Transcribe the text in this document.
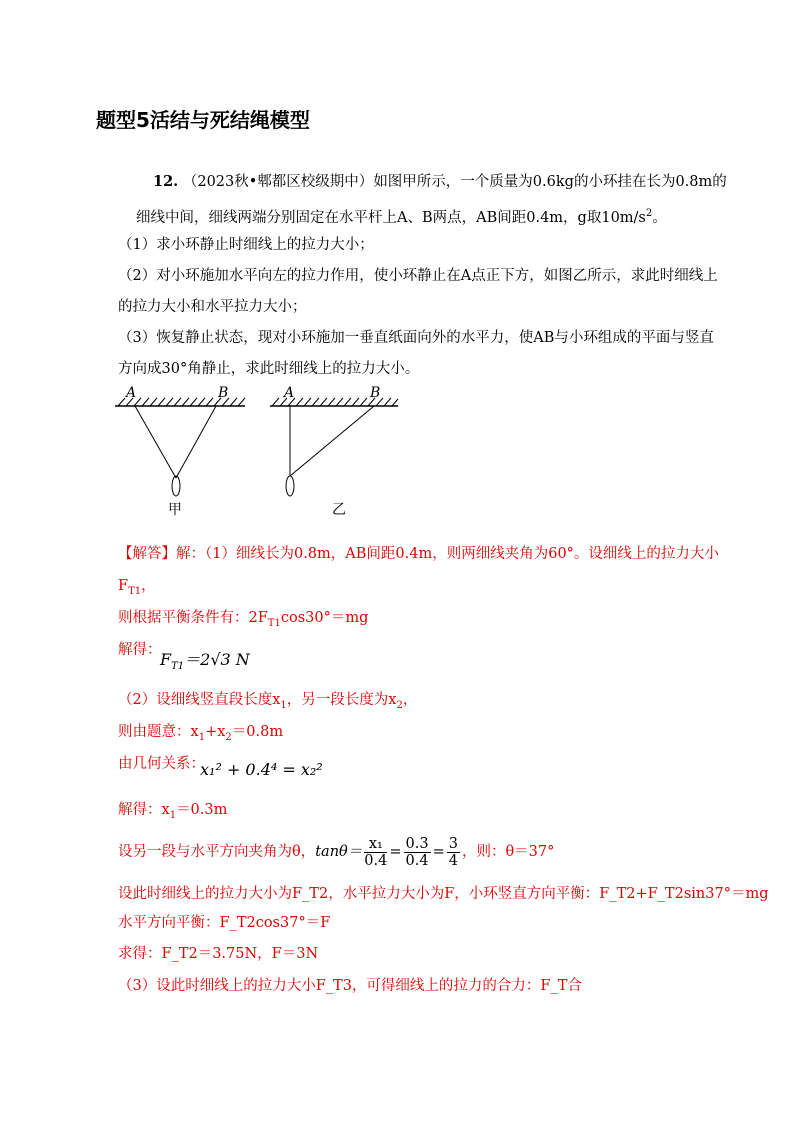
题型5活结与死结绳模型
12. （2023秋•郫都区校级期中）如图甲所示，一个质量为0.6kg的小环挂在长为0.8m的
细线中间，细线两端分别固定在水平杆上A、B两点，AB间距0.4m，g取$10m/s^2$。
（1）求小环静止时细线上的拉力大小；
（2）对小环施加水平向左的拉力作用，使小环静止在A点正下方，如图乙所示，求此时细线上
的拉力大小和水平拉力大小；
（3）恢复静止状态，现对小环施加一垂直纸面向外的水平力，使AB与小环组成的平面与竖直
方向成30°角静止，求此时细线上的拉力大小。
A	B
甲
A	B
乙
【解答】解：（1）细线长为0.8m，AB间距0.4m，则两细线夹角为60°。设细线上的拉力大小
$F_{T1}$，
则根据平衡条件有：$2F_{T1}\cos 30^\circ=mg$
解得：
$F_{T1}=2√3$ N
（2）设细线竖直段长度$x_1$，另一段长度为$x_2$，
则由题意：$x_1+x_2=0.8m$
由几何关系：
x₁² + 0.4⁴ = x₂²
解得：$x_1=0.3m$
设另一段与水平方向夹角为θ， $\tan\theta= \frac{\text{x₁}}{0.4} = \frac{0.3}{0.4} = \frac{3}{4}$ ，则：θ＝37°
设此时细线上的拉力大小为F_T2，水平拉力大小为F，小环竖直方向平衡：F_T2+F_T2sin37°＝mg
水平方向平衡：F_T2cos37°＝F
求得：F_T2＝3.75N，F＝3N
（3）设此时细线上的拉力大小F_T3，可得细线上的拉力的合力：F_T合
